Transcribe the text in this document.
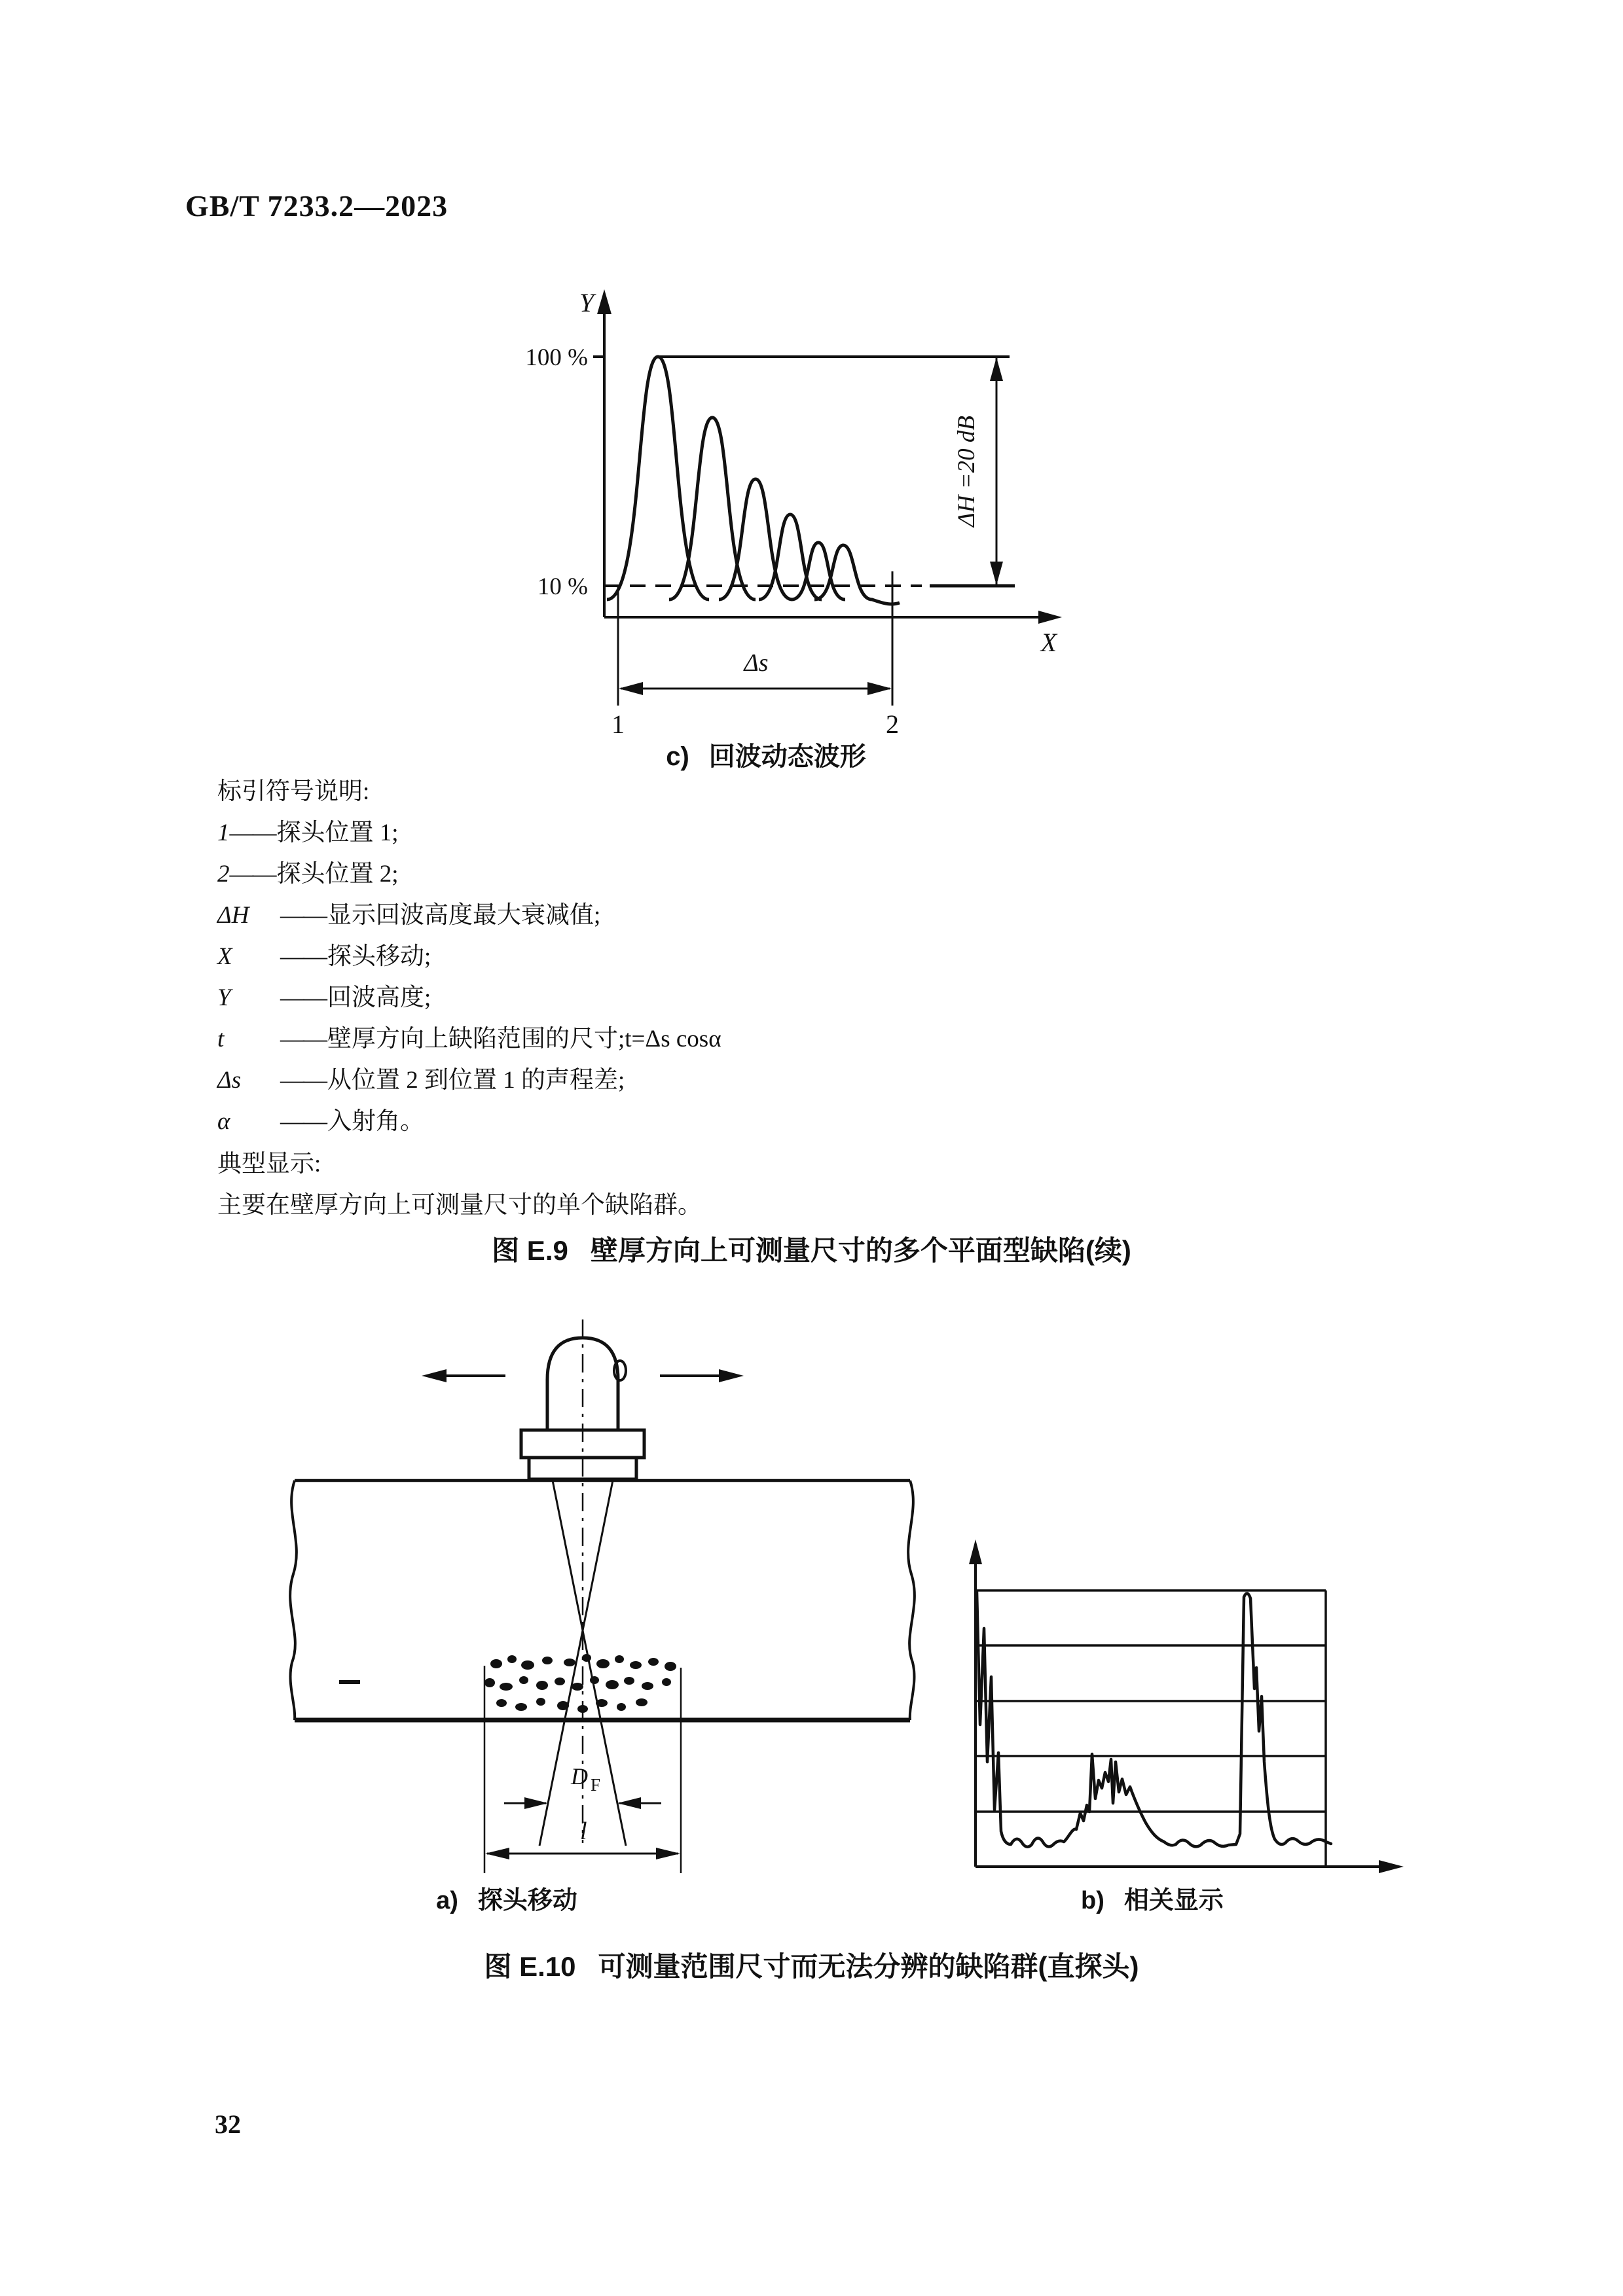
GB/T 7233.2—2023
Y
X
100 %
10 %
ΔH =20 dB
Δs
1	2
c) 回波动态波形
标引符号说明:
1 —— 探头位置 1;
2 —— 探头位置 2;
ΔH	—— 显示回波高度最大衰减值;
X	—— 探头移动;
Y	—— 回波高度;
t	—— 壁厚方向上缺陷范围的尺寸;t=Δs cosα
Δs	—— 从位置 2 到位置 1 的声程差;
α	—— 入射角。
典型显示:
主要在壁厚方向上可测量尺寸的单个缺陷群。
图 E.9 壁厚方向上可测量尺寸的多个平面型缺陷(续)
D F
l
a) 探头移动	b) 相关显示
图 E.10 可测量范围尺寸而无法分辨的缺陷群(直探头)
32
